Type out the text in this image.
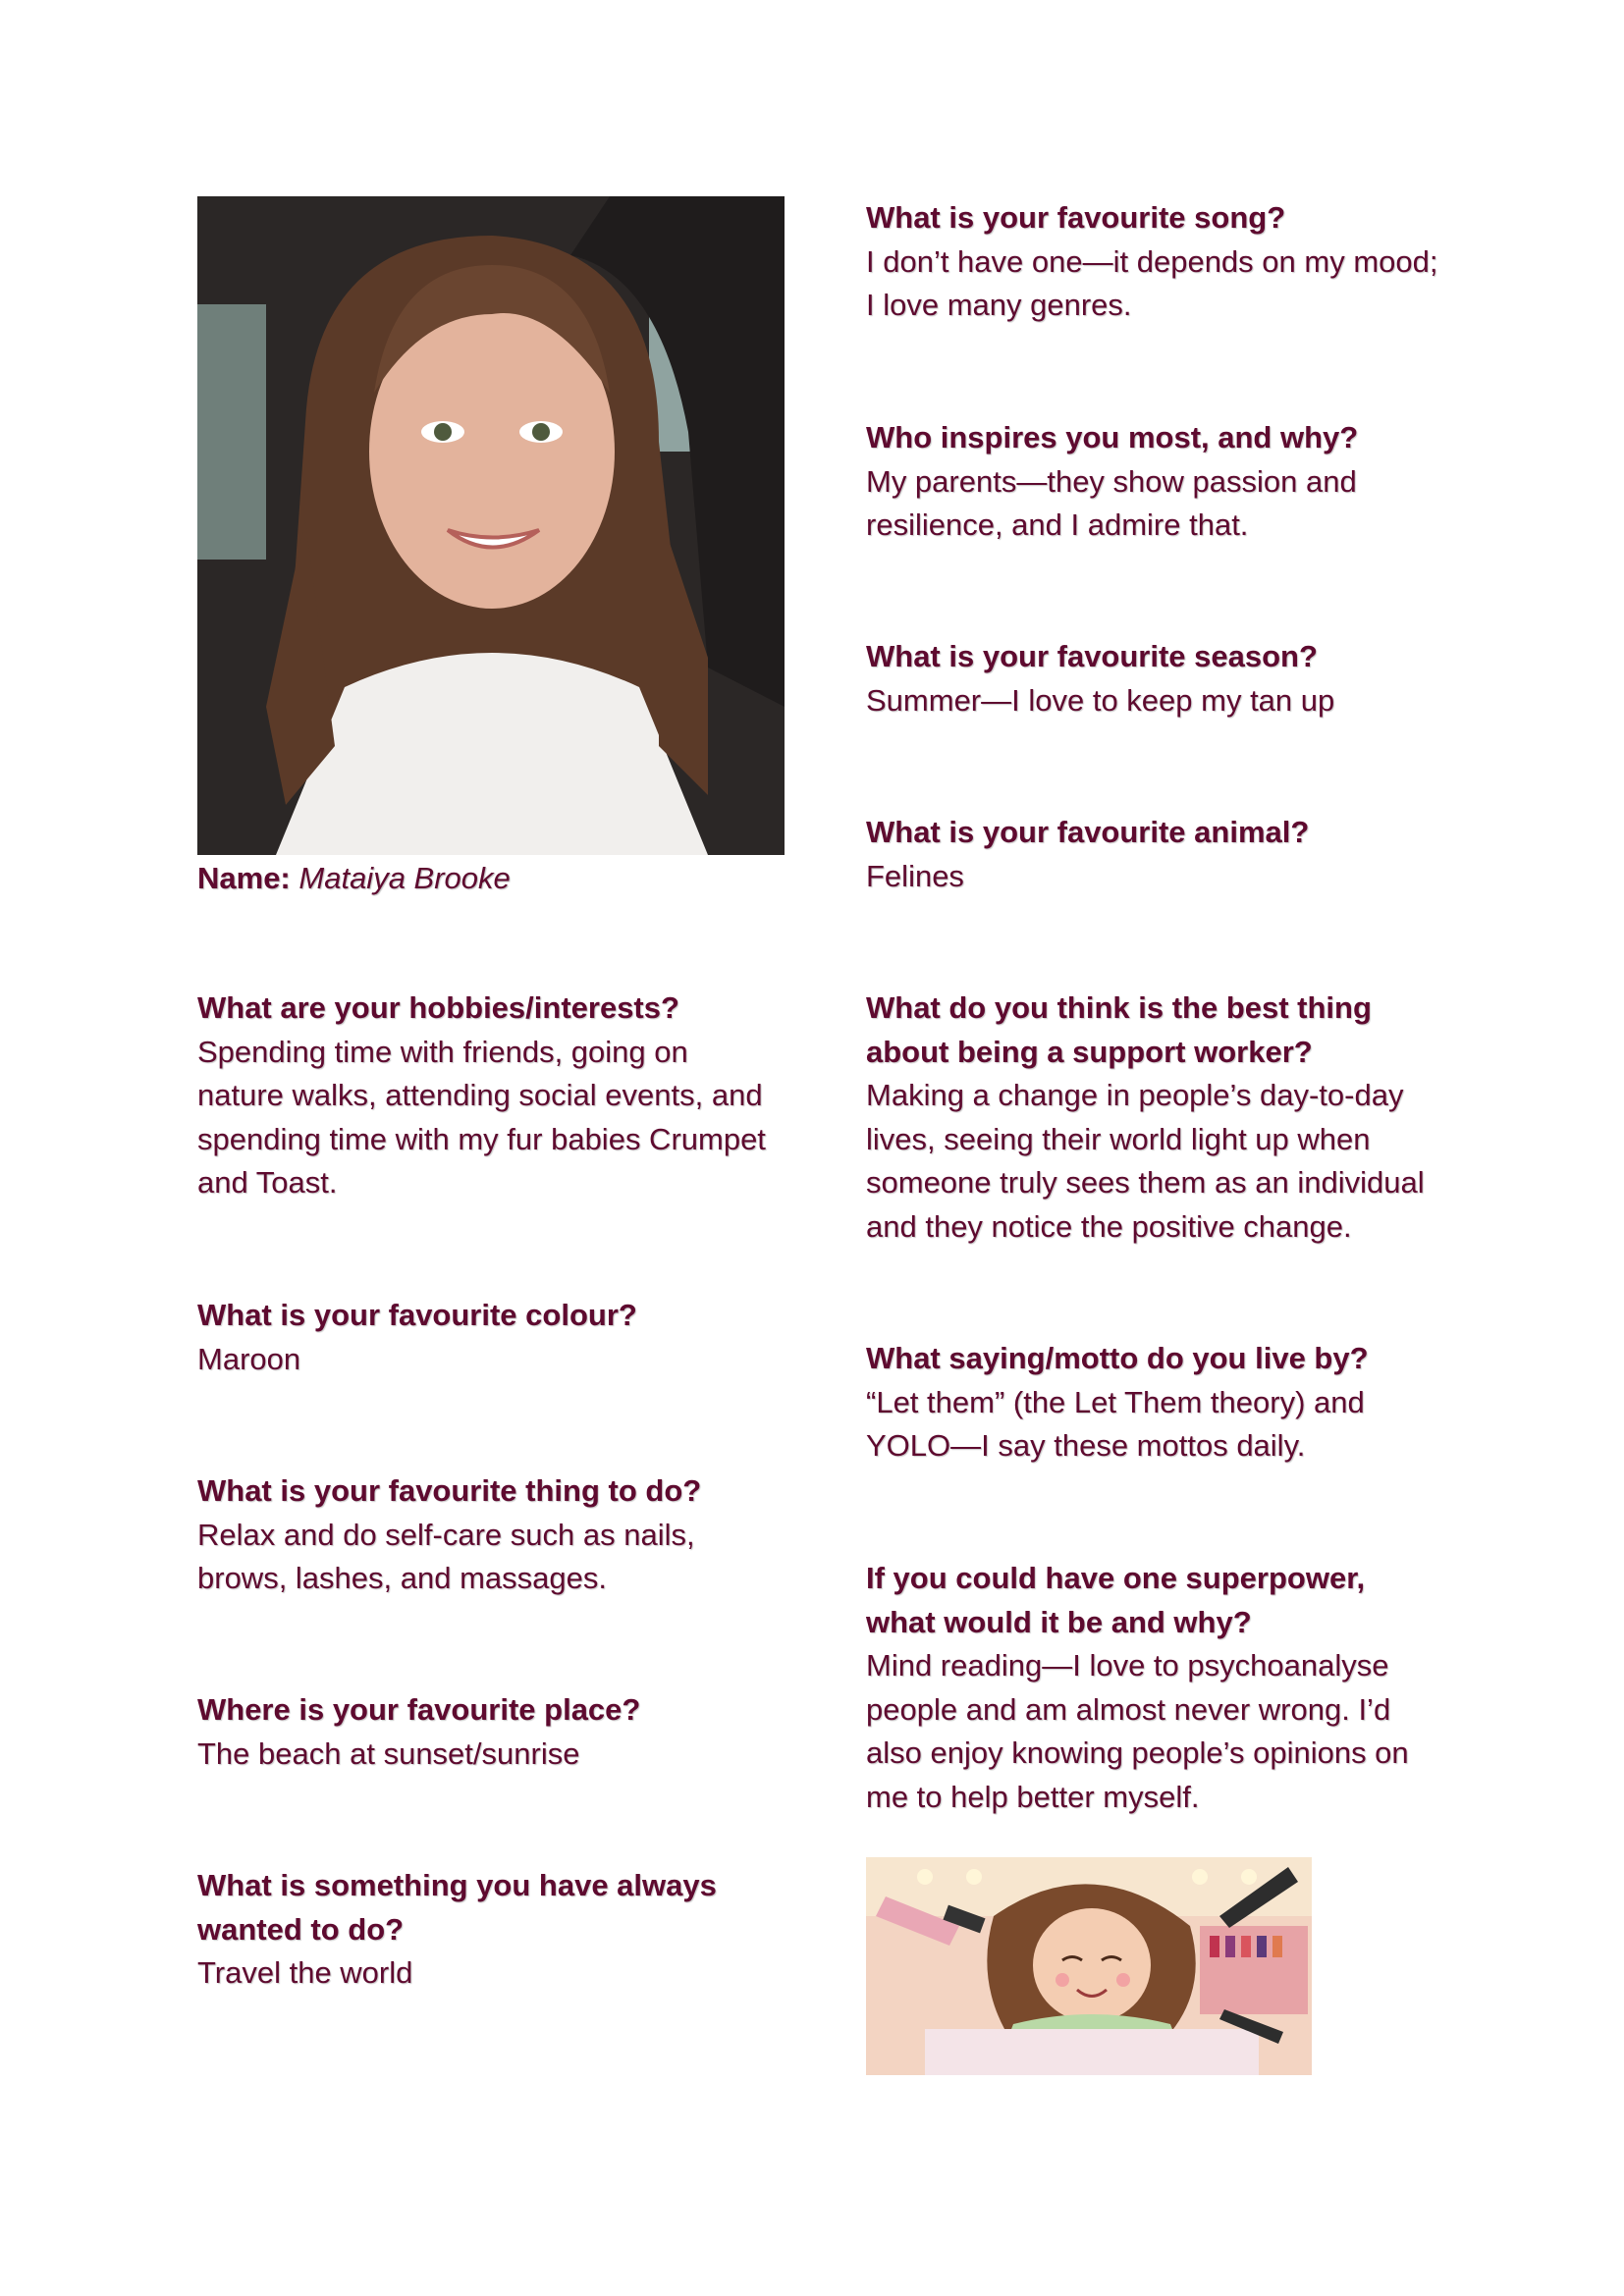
Name: Mataiya Brooke

What are your hobbies/interests?

Spending time with friends, going on
nature walks, attending social events, and
spending time with my fur babies Crumpet
and Toast.

What is your favourite colour?

Maroon

What is your favourite thing to do?

Relax and do self-care such as nails,
brows, lashes, and massages.

Where is your favourite place?

The beach at sunset/sunrise

What is something you have always
wanted to do?

Travel the world

What is your favourite song?

I don’t have one—it depends on my mood;
I love many genres.

Who inspires you most, and why?

My parents—they show passion and
resilience, and I admire that.

What is your favourite season?

Summer—I love to keep my tan up

What is your favourite animal?

Felines

What do you think is the best thing
about being a support worker?

Making a change in people’s day-to-day
lives, seeing their world light up when
someone truly sees them as an individual
and they notice the positive change.

What saying/motto do you live by?

“Let them” (the Let Them theory) and
YOLO—I say these mottos daily.

If you could have one superpower,
what would it be and why?

Mind reading—I love to psychoanalyse
people and am almost never wrong. I’d
also enjoy knowing people’s opinions on
me to help better myself.
